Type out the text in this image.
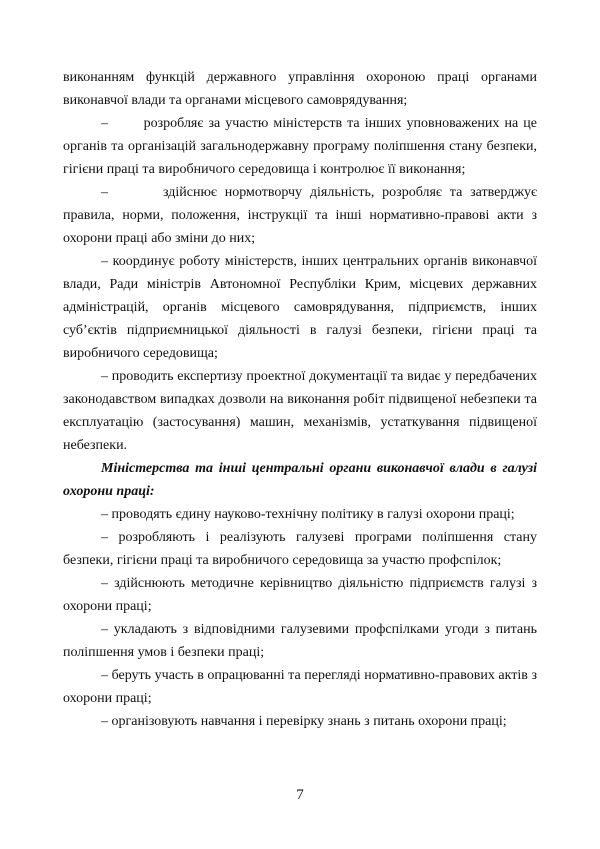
виконанням функцій державного управління охороною праці органами виконавчої влади та органами місцевого самоврядування;

–       розробляє за участю міністерств та інших уповноважених на це органів та організацій загальнодержавну програму поліпшення стану безпеки, гігієни праці та виробничого середовища і контролює її виконання;

–       здійснює нормотворчу діяльність, розробляє та затверджує правила, норми, положення, інструкції та інші нормативно-правові акти з охорони праці або зміни до них;

– координує роботу міністерств, інших центральних органів виконавчої влади, Ради міністрів Автономної Республіки Крим, місцевих державних адміністрацій, органів місцевого самоврядування, підприємств, інших суб’єктів підприємницької діяльності в галузі безпеки, гігієни праці та виробничого середовища;

– проводить експертизу проектної документації та видає у передбачених законодавством випадках дозволи на виконання робіт підвищеної небезпеки та експлуатацію (застосування) машин, механізмів, устаткування підвищеної небезпеки.

Міністерства та інші центральні органи виконавчої влади в галузі охорони праці:

– проводять єдину науково-технічну політику в галузі охорони праці;

– розробляють і реалізують галузеві програми поліпшення стану безпеки, гігієни праці та виробничого середовища за участю профспілок;

– здійснюють методичне керівництво діяльністю підприємств галузі з охорони праці;

– укладають з відповідними галузевими профспілками угоди з питань поліпшення умов і безпеки праці;

– беруть участь в опрацюванні та перегляді нормативно-правових актів з охорони праці;

– організовують навчання і перевірку знань з питань охорони праці;

7
